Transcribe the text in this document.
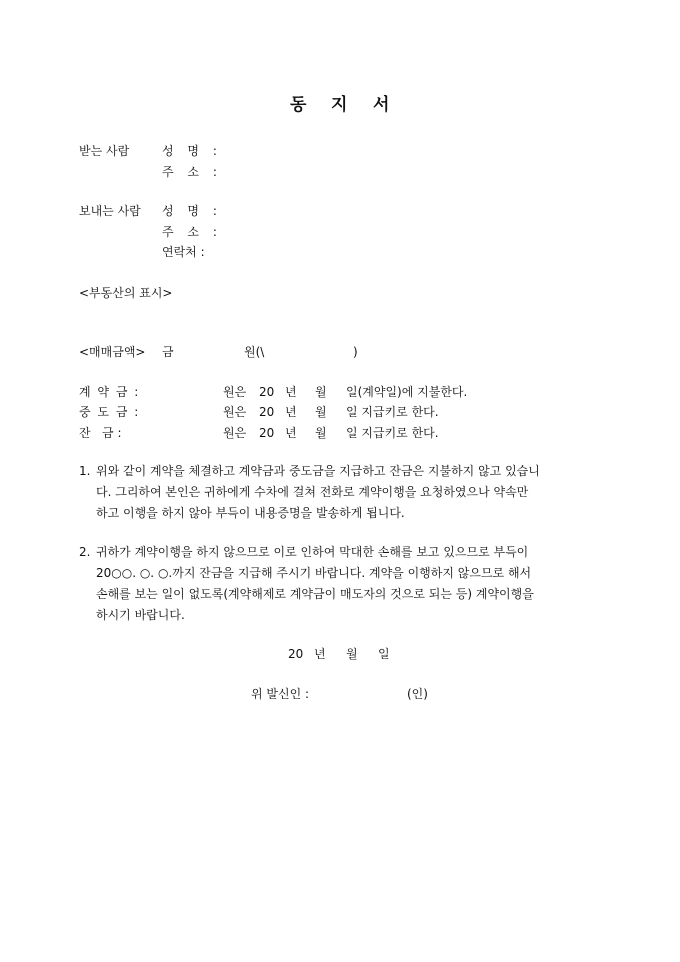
동 지 서
받는 사람	성 명 :
주 소 :
보내는 사람 성 명 :
주 소 :
연락처 :
<부동산의 표시>
<매매금액> 금	원(\	)
계 약 금 :	원은 20 년 월 일(계약일)에 지불한다.
중 도 금 :	원은 20 년 월 일 지급키로 한다.
잔   금 :	원은 20 년 월 일 지급키로 한다.
1. 위와 같이 계약을 체결하고 계약금과 중도금을 지급하고 잔금은 지불하지 않고 있습니
다. 그리하여 본인은 귀하에게 수차에 걸쳐 전화로 계약이행을 요청하였으나 약속만
하고 이행을 하지 않아 부득이 내용증명을 발송하게 됩니다.
2. 귀하가 계약이행을 하지 않으므로 이로 인하여 막대한 손해를 보고 있으므로 부득이
20○○. ○. ○.까지 잔금을 지급해 주시기 바랍니다. 계약을 이행하지 않으므로 해서
손해를 보는 일이 없도록(계약해제로 계약금이 매도자의 것으로 되는 등) 계약이행을
하시기 바랍니다.
20 년 월 일
위 발신인 :	(인)
